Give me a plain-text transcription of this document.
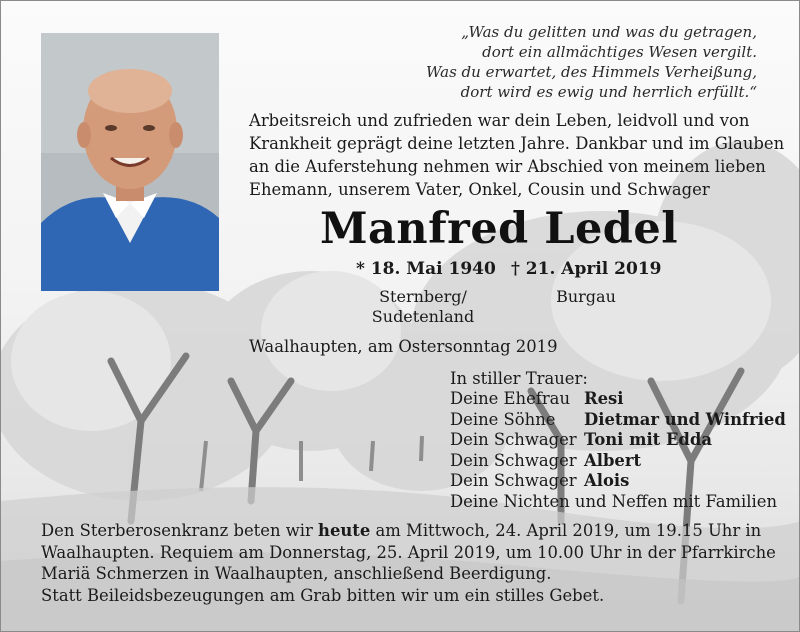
„Was du gelitten und was du getragen,
dort ein allmächtiges Wesen vergilt.
Was du erwartet, des Himmels Verheißung,
dort wird es ewig und herrlich erfüllt.“
Arbeitsreich und zufrieden war dein Leben, leidvoll und von
Krankheit geprägt deine letzten Jahre. Dankbar und im Glauben
an die Auferstehung nehmen wir Abschied von meinem lieben
Ehemann, unserem Vater, Onkel, Cousin und Schwager
Manfred Ledel
* 18. Mai 1940 † 21. April 2019
Sternberg/
Sudetenland
Burgau
Waalhaupten, am Ostersonntag 2019
In stiller Trauer:
Deine Ehefrau Resi
Deine Söhne Dietmar und Winfried
Dein Schwager Toni mit Edda
Dein Schwager Albert
Dein Schwager Alois
Deine Nichten und Neffen mit Familien
Den Sterberosenkranz beten wir heute am Mittwoch, 24. April 2019, um 19.15 Uhr in
Waalhaupten. Requiem am Donnerstag, 25. April 2019, um 10.00 Uhr in der Pfarrkirche
Mariä Schmerzen in Waalhaupten, anschließend Beerdigung.
Statt Beileidsbezeugungen am Grab bitten wir um ein stilles Gebet.
